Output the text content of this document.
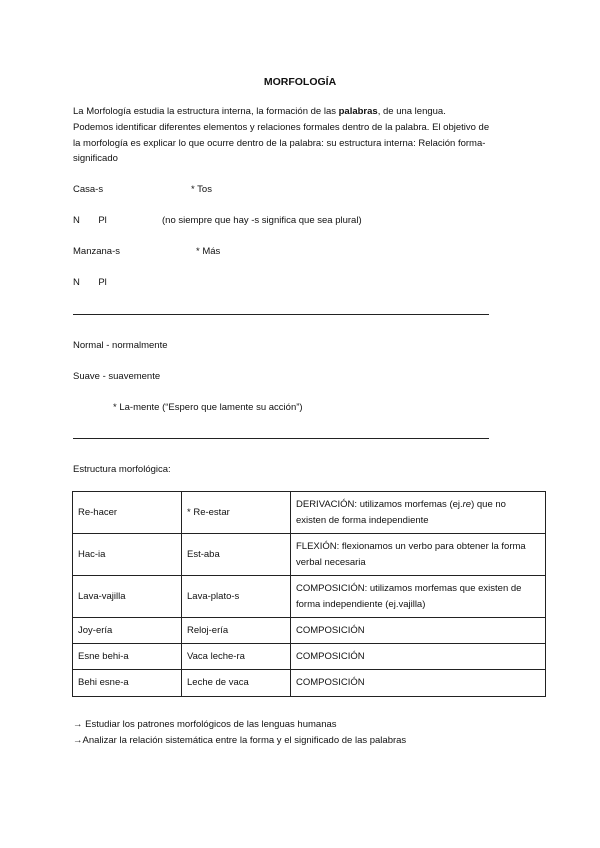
MORFOLOGÍA
La Morfología estudia la estructura interna, la formación de las palabras, de una lengua.
Podemos identificar diferentes elementos y relaciones formales dentro de la palabra. El objetivo de
la morfología es explicar lo que ocurre dentro de la palabra: su estructura interna: Relación forma-
significado
Casa-s	* Tos
N       Pl	(no siempre que hay -s significa que sea plural)
Manzana-s	* Más
N       Pl
Normal - normalmente
Suave - suavemente
* La-mente (“Espero que lamente su acción”)
Estructura morfológica:
Re-hacer	* Re-estar	DERIVACIÓN: utilizamos morfemas (ej.re) que no
existen de forma independiente
Hac-ia	Est-aba	FLEXIÓN: flexionamos un verbo para obtener la forma
verbal necesaria
Lava-vajilla	Lava-plato-s	COMPOSICIÓN: utilizamos morfemas que existen de
forma independiente (ej.vajilla)
Joy-ería	Reloj-ería	COMPOSICIÓN
Esne behi-a	Vaca leche-ra	COMPOSICIÓN
Behi esne-a	Leche de vaca	COMPOSICIÓN
→ Estudiar los patrones morfológicos de las lenguas humanas
→Analizar la relación sistemática entre la forma y el significado de las palabras
